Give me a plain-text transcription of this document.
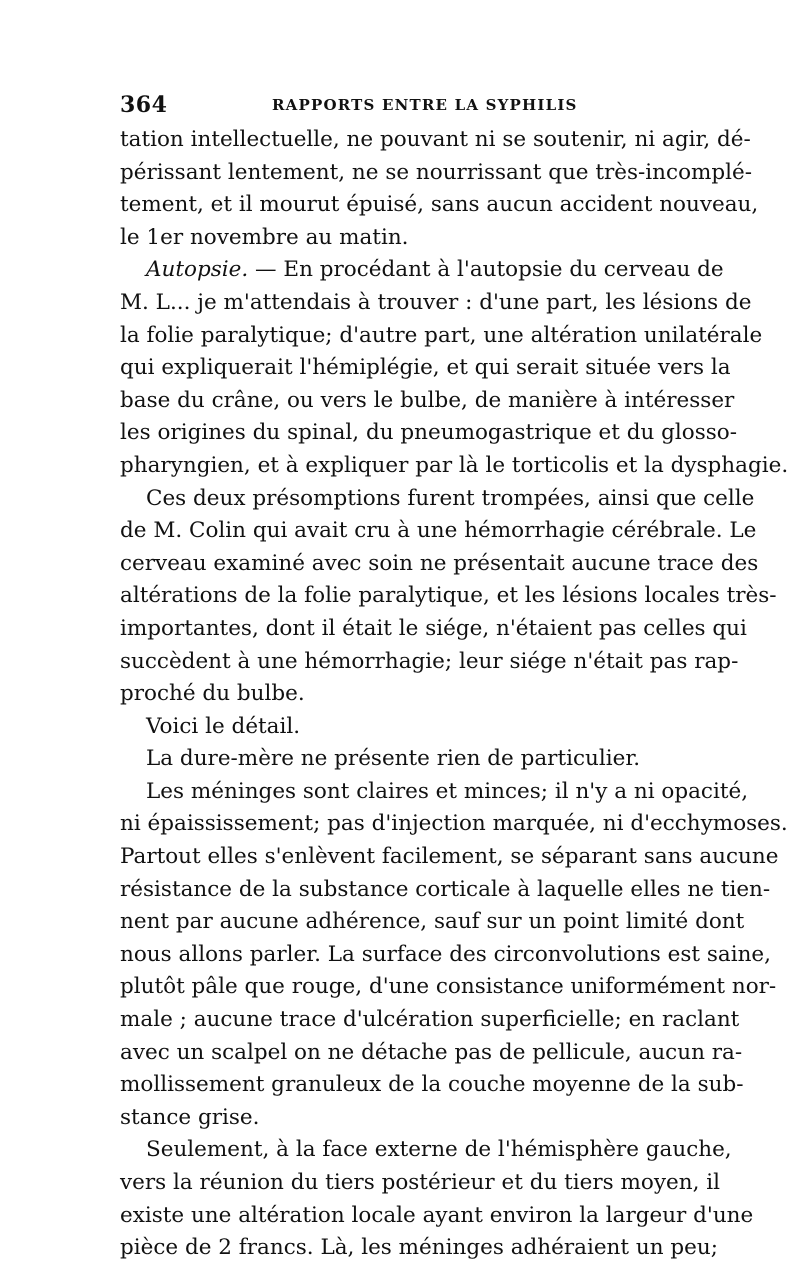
364	RAPPORTS ENTRE LA SYPHILIS
tation intellectuelle, ne pouvant ni se soutenir, ni agir, dé-
périssant lentement, ne se nourrissant que très-incomplé-
tement, et il mourut épuisé, sans aucun accident nouveau,
le 1er novembre au matin.
Autopsie. — En procédant à l'autopsie du cerveau de
M. L... je m'attendais à trouver : d'une part, les lésions de
la folie paralytique; d'autre part, une altération unilatérale
qui expliquerait l'hémiplégie, et qui serait située vers la
base du crâne, ou vers le bulbe, de manière à intéresser
les origines du spinal, du pneumogastrique et du glosso-
pharyngien, et à expliquer par là le torticolis et la dysphagie.
Ces deux présomptions furent trompées, ainsi que celle
de M. Colin qui avait cru à une hémorrhagie cérébrale. Le
cerveau examiné avec soin ne présentait aucune trace des
altérations de la folie paralytique, et les lésions locales très-
importantes, dont il était le siége, n'étaient pas celles qui
succèdent à une hémorrhagie; leur siége n'était pas rap-
proché du bulbe.
Voici le détail.
La dure-mère ne présente rien de particulier.
Les méninges sont claires et minces; il n'y a ni opacité,
ni épaississement; pas d'injection marquée, ni d'ecchymoses.
Partout elles s'enlèvent facilement, se séparant sans aucune
résistance de la substance corticale à laquelle elles ne tien-
nent par aucune adhérence, sauf sur un point limité dont
nous allons parler. La surface des circonvolutions est saine,
plutôt pâle que rouge, d'une consistance uniformément nor-
male ; aucune trace d'ulcération superficielle; en raclant
avec un scalpel on ne détache pas de pellicule, aucun ra-
mollissement granuleux de la couche moyenne de la sub-
stance grise.
Seulement, à la face externe de l'hémisphère gauche,
vers la réunion du tiers postérieur et du tiers moyen, il
existe une altération locale ayant environ la largeur d'une
pièce de 2 francs. Là, les méninges adhéraient un peu;
